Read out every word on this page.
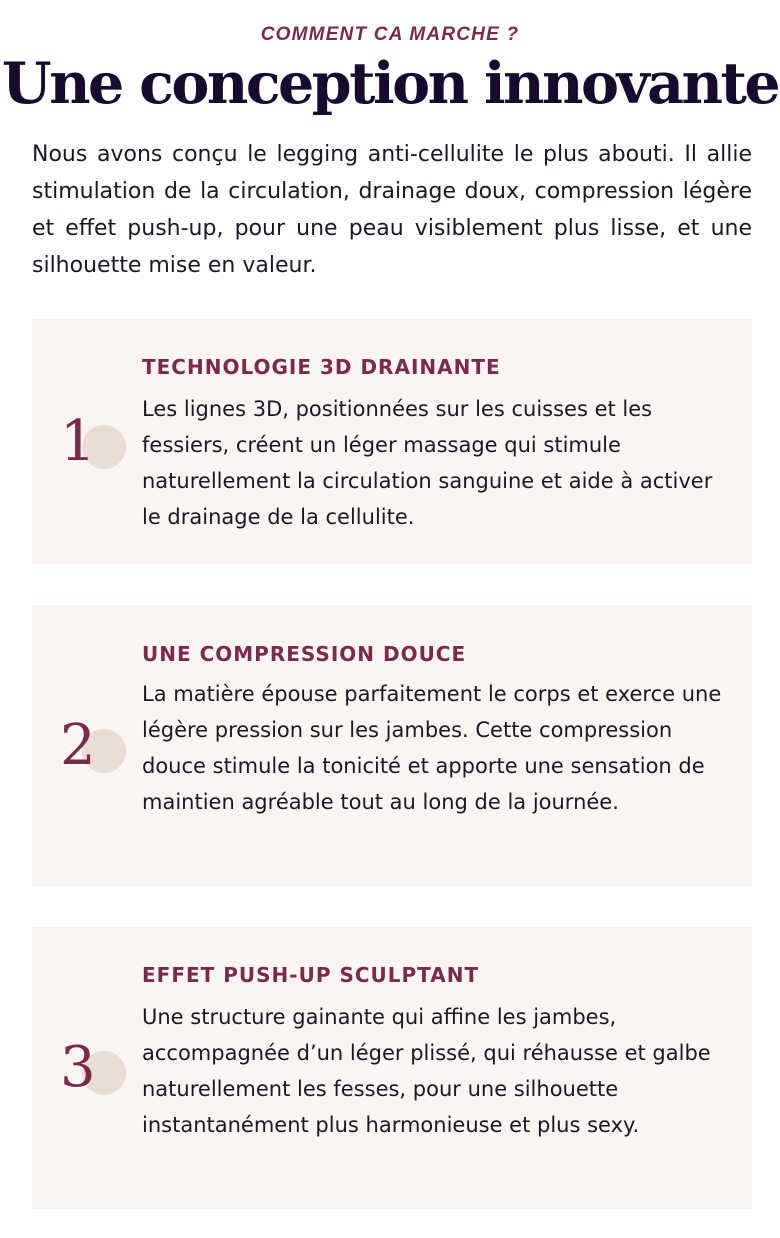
COMMENT CA MARCHE ?
Une conception innovante
Nous avons conçu le legging anti-cellulite le plus abouti. Il allie stimulation de la circulation, drainage doux, compression légère et effet push-up, pour une peau visiblement plus lisse, et une silhouette mise en valeur.
1
TECHNOLOGIE 3D DRAINANTE
Les lignes 3D, positionnées sur les cuisses et les fessiers, créent un léger massage qui stimule naturellement la circulation sanguine et aide à activer le drainage de la cellulite.
2
UNE COMPRESSION DOUCE
La matière épouse parfaitement le corps et exerce une légère pression sur les jambes. Cette compression douce stimule la tonicité et apporte une sensation de maintien agréable tout au long de la journée.
3
EFFET PUSH-UP SCULPTANT
Une structure gainante qui affine les jambes, accompagnée d’un léger plissé, qui réhausse et galbe naturellement les fesses, pour une silhouette instantanément plus harmonieuse et plus sexy.
